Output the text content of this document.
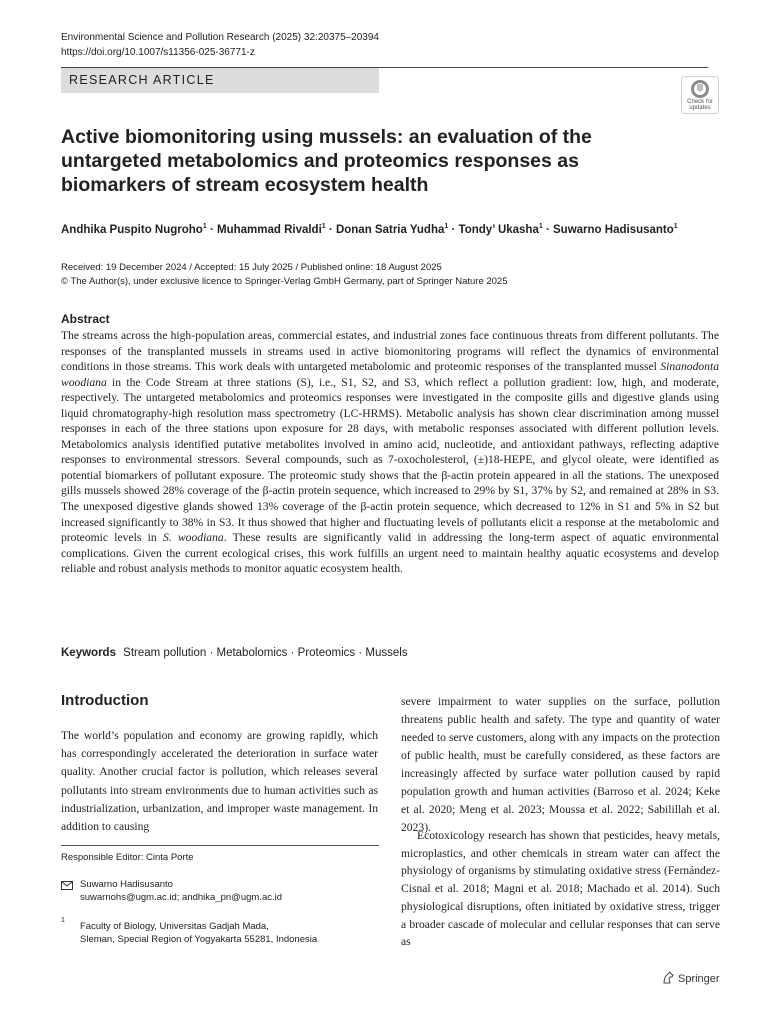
Environmental Science and Pollution Research (2025) 32:20375–20394
https://doi.org/10.1007/s11356-025-36771-z
RESEARCH ARTICLE
Check for
updates
Active biomonitoring using mussels: an evaluation of the untargeted metabolomics and proteomics responses as biomarkers of stream ecosystem health
Andhika Puspito Nugroho$^1$ · Muhammad Rivaldi$^1$ · Donan Satria Yudha$^1$ · Tondy’ Ukasha$^1$ · Suwarno Hadisusanto$^1$
Received: 19 December 2024 / Accepted: 15 July 2025 / Published online: 18 August 2025
© The Author(s), under exclusive licence to Springer-Verlag GmbH Germany, part of Springer Nature 2025
Abstract

The streams across the high-population areas, commercial estates, and industrial zones face continuous threats from different pollutants. The responses of the transplanted mussels in streams used in active biomonitoring programs will reflect the dynamics of environmental conditions in those streams. This work deals with untargeted metabolomic and proteomic responses of the transplanted mussel Sinanodonta woodiana in the Code Stream at three stations (S), i.e., S1, S2, and S3, which reflect a pollution gradient: low, high, and moderate, respectively. The untargeted metabolomics and proteomics responses were investigated in the composite gills and digestive glands using liquid chromatography-high resolution mass spectrometry (LC-HRMS). Metabolic analysis has shown clear discrimination among mussel responses in each of the three stations upon exposure for 28 days, with metabolic responses associated with different pollution levels. Metabolomics analysis identified putative metabolites involved in amino acid, nucleotide, and antioxidant pathways, reflecting adaptive responses to environmental stressors. Several compounds, such as 7-oxocholesterol, (±)18-HEPE, and glycol oleate, were identified as potential biomarkers of pollutant exposure. The proteomic study shows that the β-actin protein appeared in all the stations. The unexposed gills mussels showed 28% coverage of the β-actin protein sequence, which increased to 29% by S1, 37% by S2, and remained at 28% in S3. The unexposed digestive glands showed 13% coverage of the β-actin protein sequence, which decreased to 12% in S1 and 5% in S2 but increased significantly to 38% in S3. It thus showed that higher and fluctuating levels of pollutants elicit a response at the metabolomic and proteomic levels in S. woodiana. These results are significantly valid in addressing the long-term aspect of aquatic environmental complications. Given the current ecological crises, this work fulfills an urgent need to maintain healthy aquatic ecosystems and develop reliable and robust analysis methods to monitor aquatic ecosystem health.

Keywords Stream pollution · Metabolomics · Proteomics · Mussels
Introduction

The world’s population and economy are growing rapidly, which has correspondingly accelerated the deterioration in surface water quality. Another crucial factor is pollution, which releases several pollutants into stream environments due to human activities such as industrialization, urbanization, and improper waste management. In addition to causing

Responsible Editor: Cinta Porte
Suwarno Hadisusanto
suwarnohs@ugm.ac.id; andhika_pn@ugm.ac.id
1
Faculty of Biology, Universitas Gadjah Mada,
Sleman, Special Region of Yogyakarta 55281, Indonesia

severe impairment to water supplies on the surface, pollution threatens public health and safety. The type and quantity of water needed to serve customers, along with any impacts on the protection of public health, must be carefully considered, as these factors are increasingly affected by surface water pollution caused by rapid population growth and human activities (Barroso et al. 2024; Keke et al. 2020; Meng et al. 2023; Moussa et al. 2022; Sabilillah et al. 2023).

Ecotoxicology research has shown that pesticides, heavy metals, microplastics, and other chemicals in stream water can affect the physiology of organisms by stimulating oxidative stress (Fernández-Cisnal et al. 2018; Magni et al. 2018; Machado et al. 2014). Such physiological disruptions, often initiated by oxidative stress, trigger a broader cascade of molecular and cellular responses that can serve as

Springer
